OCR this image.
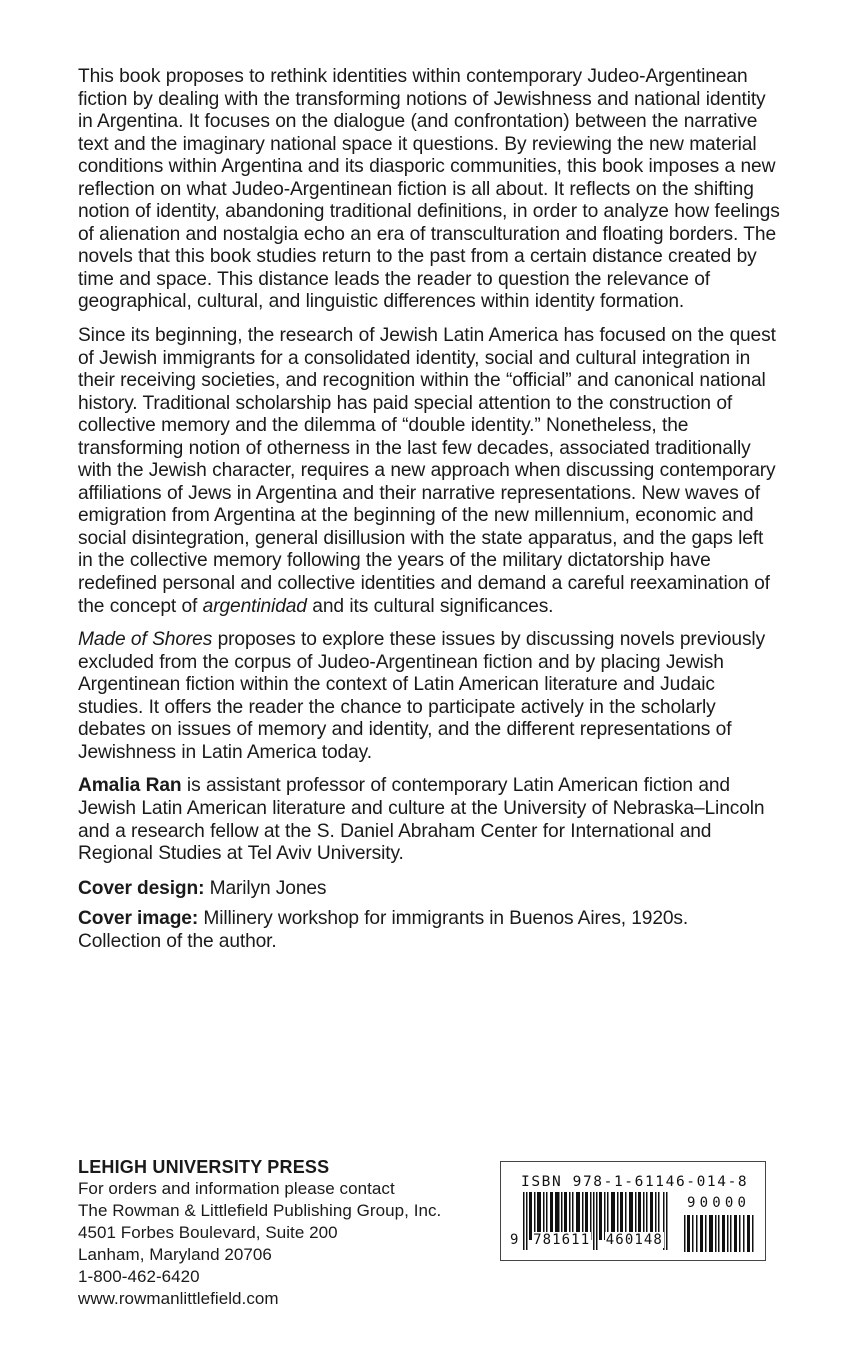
This book proposes to rethink identities within contemporary Judeo-Argentinean fiction by dealing with the transforming notions of Jewishness and national identity in Argentina. It focuses on the dialogue (and confrontation) between the narrative text and the imaginary national space it questions. By reviewing the new material conditions within Argentina and its diasporic communities, this book imposes a new reflection on what Judeo-Argentinean fiction is all about. It reflects on the shifting notion of identity, abandoning traditional definitions, in order to analyze how feelings of alienation and nostalgia echo an era of transculturation and floating borders. The novels that this book studies return to the past from a certain distance created by time and space. This distance leads the reader to question the relevance of geographical, cultural, and linguistic differences within identity formation.

Since its beginning, the research of Jewish Latin America has focused on the quest of Jewish immigrants for a consolidated identity, social and cultural integration in their receiving societies, and recognition within the “official” and canonical national history. Traditional scholarship has paid special attention to the construction of collective memory and the dilemma of “double identity.” Nonetheless, the transforming notion of otherness in the last few decades, associated traditionally with the Jewish character, requires a new approach when discussing contemporary affiliations of Jews in Argentina and their narrative representations. New waves of emigration from Argentina at the beginning of the new millennium, economic and social disintegration, general disillusion with the state apparatus, and the gaps left in the collective memory following the years of the military dictatorship have redefined personal and collective identities and demand a careful reexamination of the concept of argentinidad and its cultural significances.

Made of Shores proposes to explore these issues by discussing novels previously excluded from the corpus of Judeo-Argentinean fiction and by placing Jewish Argentinean fiction within the context of Latin American literature and Judaic studies. It offers the reader the chance to participate actively in the scholarly debates on issues of memory and identity, and the different representations of Jewishness in Latin America today.

Amalia Ran is assistant professor of contemporary Latin American fiction and Jewish Latin American literature and culture at the University of Nebraska–Lincoln and a research fellow at the S. Daniel Abraham Center for International and Regional Studies at Tel Aviv University.

Cover design: Marilyn Jones

Cover image: Millinery workshop for immigrants in Buenos Aires, 1920s. Collection of the author.

LEHIGH UNIVERSITY PRESS
For orders and information please contact
The Rowman & Littlefield Publishing Group, Inc.
4501 Forbes Boulevard, Suite 200
Lanham, Maryland 20706
1-800-462-6420
www.rowmanlittlefield.com
ISBN 978-1-61146-014-8
9 781611 460148
90000
